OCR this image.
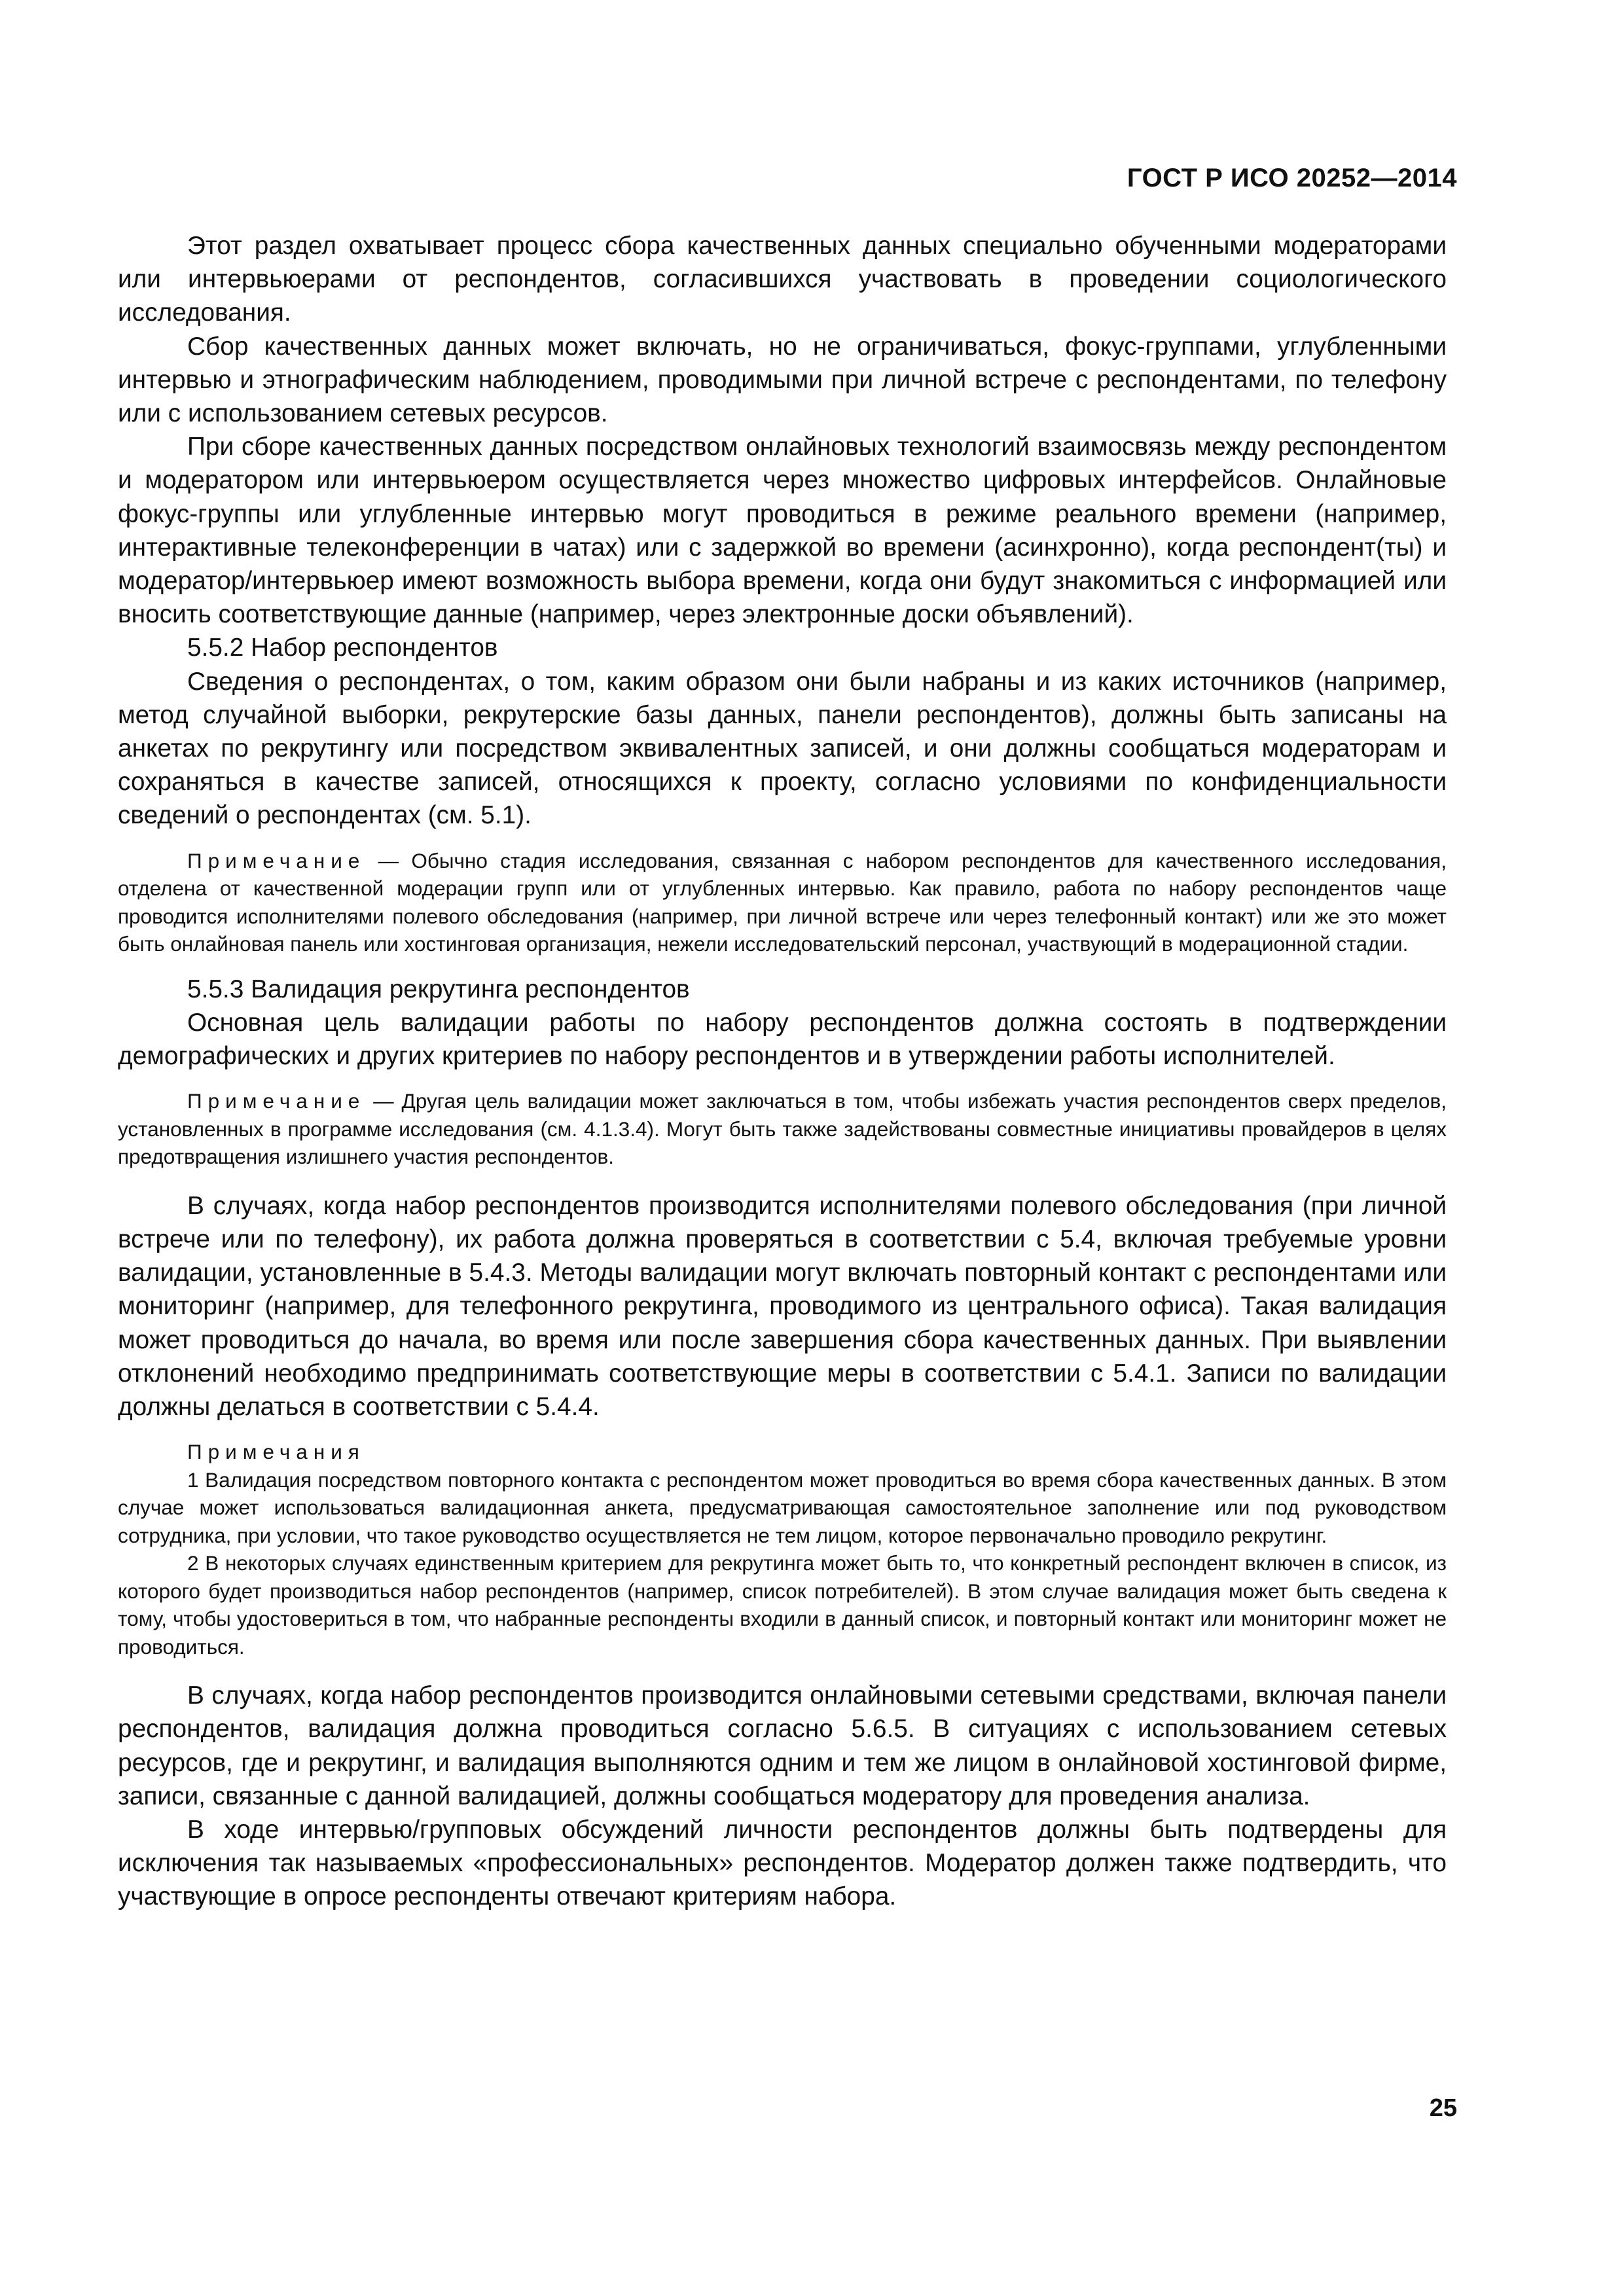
ГОСТ Р ИСО 20252—2014

Этот раздел охватывает процесс сбора качественных данных специально обученными модераторами или интервьюерами от респондентов, согласившихся участвовать в проведении социологического исследования.

Сбор качественных данных может включать, но не ограничиваться, фокус-группами, углубленными интервью и этнографическим наблюдением, проводимыми при личной встрече с респондентами, по телефону или с использованием сетевых ресурсов.

При сборе качественных данных посредством онлайновых технологий взаимосвязь между респондентом и модератором или интервьюером осуществляется через множество цифровых интерфейсов. Онлайновые фокус-группы или углубленные интервью могут проводиться в режиме реального времени (например, интерактивные телеконференции в чатах) или с задержкой во времени (асинхронно), когда респондент(ты) и модератор/интервьюер имеют возможность выбора времени, когда они будут знакомиться с информацией или вносить соответствующие данные (например, через электронные доски объявлений).

5.5.2 Набор респондентов

Сведения о респондентах, о том, каким образом они были набраны и из каких источников (например, метод случайной выборки, рекрутерские базы данных, панели респондентов), должны быть записаны на анкетах по рекрутингу или посредством эквивалентных записей, и они должны сообщаться модераторам и сохраняться в качестве записей, относящихся к проекту, согласно условиями по конфиденциальности сведений о респондентах (см. 5.1).

Примечание — Обычно стадия исследования, связанная с набором респондентов для качественного исследования, отделена от качественной модерации групп или от углубленных интервью. Как правило, работа по набору респондентов чаще проводится исполнителями полевого обследования (например, при личной встрече или через телефонный контакт) или же это может быть онлайновая панель или хостинговая организация, нежели исследовательский персонал, участвующий в модерационной стадии.

5.5.3 Валидация рекрутинга респондентов

Основная цель валидации работы по набору респондентов должна состоять в подтверждении демографических и других критериев по набору респондентов и в утверждении работы исполнителей.

Примечание — Другая цель валидации может заключаться в том, чтобы избежать участия респондентов сверх пределов, установленных в программе исследования (см. 4.1.3.4). Могут быть также задействованы совместные инициативы провайдеров в целях предотвращения излишнего участия респондентов.

В случаях, когда набор респондентов производится исполнителями полевого обследования (при личной встрече или по телефону), их работа должна проверяться в соответствии с 5.4, включая требуемые уровни валидации, установленные в 5.4.3. Методы валидации могут включать повторный контакт с респондентами или мониторинг (например, для телефонного рекрутинга, проводимого из центрального офиса). Такая валидация может проводиться до начала, во время или после завершения сбора качественных данных. При выявлении отклонений необходимо предпринимать соответствующие меры в соответствии с 5.4.1. Записи по валидации должны делаться в соответствии с 5.4.4.

Примечания

1 Валидация посредством повторного контакта с респондентом может проводиться во время сбора качественных данных. В этом случае может использоваться валидационная анкета, предусматривающая самостоятельное заполнение или под руководством сотрудника, при условии, что такое руководство осуществляется не тем лицом, которое первоначально проводило рекрутинг.

2 В некоторых случаях единственным критерием для рекрутинга может быть то, что конкретный респондент включен в список, из которого будет производиться набор респондентов (например, список потребителей). В этом случае валидация может быть сведена к тому, чтобы удостовериться в том, что набранные респонденты входили в данный список, и повторный контакт или мониторинг может не проводиться.

В случаях, когда набор респондентов производится онлайновыми сетевыми средствами, включая панели респондентов, валидация должна проводиться согласно 5.6.5. В ситуациях с использованием сетевых ресурсов, где и рекрутинг, и валидация выполняются одним и тем же лицом в онлайновой хостинговой фирме, записи, связанные с данной валидацией, должны сообщаться модератору для проведения анализа.

В ходе интервью/групповых обсуждений личности респондентов должны быть подтвердены для исключения так называемых «профессиональных» респондентов. Модератор должен также подтвердить, что участвующие в опросе респонденты отвечают критериям набора.

25
